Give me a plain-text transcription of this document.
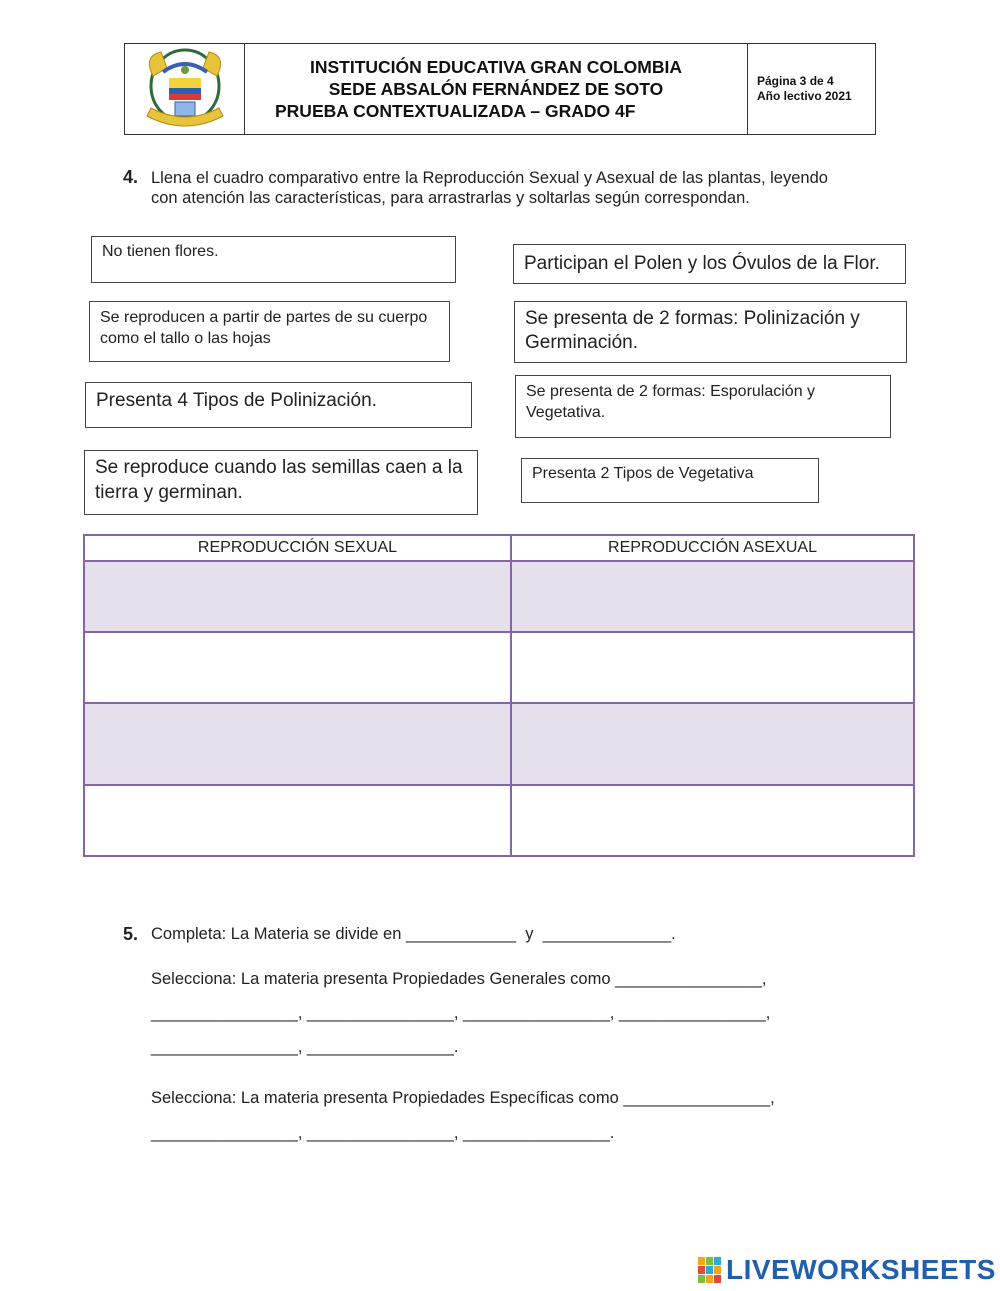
INSTITUCIÓN EDUCATIVA GRAN COLOMBIA
SEDE ABSALÓN FERNÁNDEZ DE SOTO
PRUEBA CONTEXTUALIZADA – GRADO 4F
Página 3 de 4
Año lectivo 2021
4. Llena el cuadro comparativo entre la Reproducción Sexual y Asexual de las plantas, leyendo
con atención las características, para arrastrarlas y soltarlas según correspondan.
No tienen flores.
Participan el Polen y los Óvulos de la Flor.
Se reproducen a partir de partes de su cuerpo como el tallo o las hojas
Se presenta de 2 formas: Polinización y Germinación.
Presenta 4 Tipos de Polinización.	Se presenta de 2 formas: Esporulación y Vegetativa.
Se reproduce cuando las semillas caen a la tierra y germinan.
Presenta 2 Tipos de Vegetativa
REPRODUCCIÓN SEXUAL	REPRODUCCIÓN ASEXUAL
5. Completa: La Materia se divide en ____________  y  ______________.
Selecciona: La materia presenta Propiedades Generales como ________________,
________________, ________________, ________________, ________________,
________________, ________________.
Selecciona: La materia presenta Propiedades Específicas como ________________,
________________, ________________, ________________.
LIVEWORKSHEETS
